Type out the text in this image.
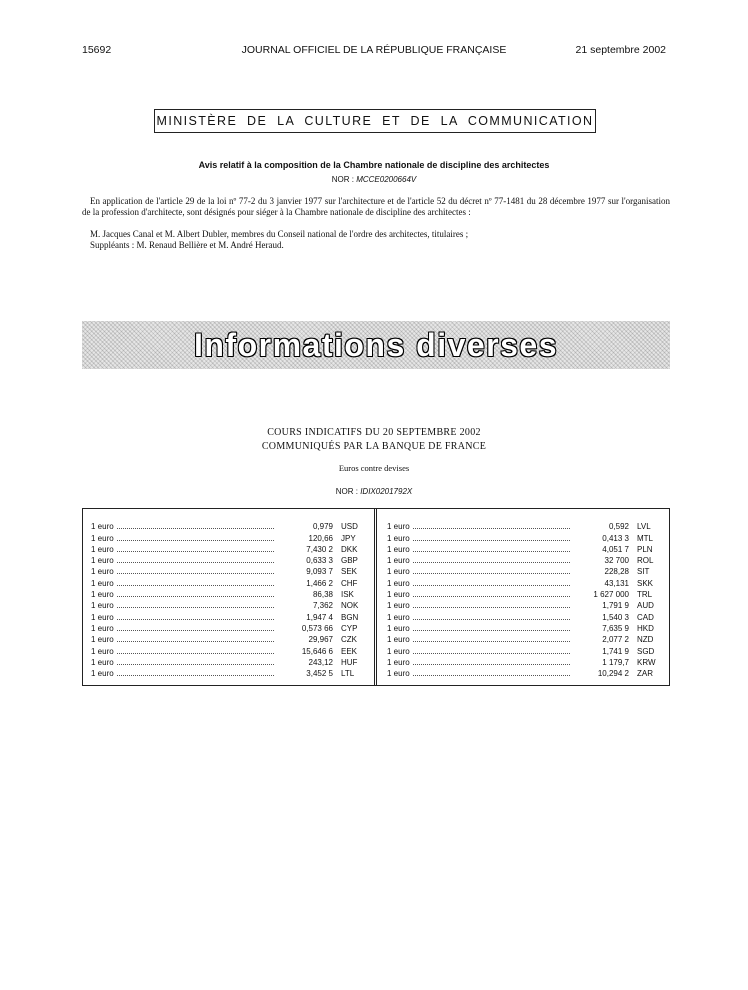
15692	JOURNAL OFFICIEL DE LA RÉPUBLIQUE FRANÇAISE	21 septembre 2002
MINISTÈRE DE LA CULTURE ET DE LA COMMUNICATION
Avis relatif à la composition de la Chambre nationale de discipline des architectes
NOR : MCCE0200664V
En application de l'article 29 de la loi nº 77-2 du 3 janvier 1977 sur l'architecture et de l'article 52 du décret nº 77-1481 du 28 décembre 1977 sur l'organisation de la profession d'architecte, sont désignés pour siéger à la Chambre nationale de discipline des architectes :
M. Jacques Canal et M. Albert Dubler, membres du Conseil national de l'ordre des architectes, titulaires ;
Suppléants : M. Renaud Bellière et M. André Heraud.
Informations diverses
COURS INDICATIFS DU 20 SEPTEMBRE 2002
COMMUNIQUÉS PAR LA BANQUE DE FRANCE
Euros contre devises
NOR : IDIX0201792X
1 euro	0,979 USD
1 euro	120,66 JPY
1 euro	7,430 2 DKK
1 euro	0,633 3 GBP
1 euro	9,093 7 SEK
1 euro	1,466 2 CHF
1 euro	86,38 ISK
1 euro	7,362 NOK
1 euro	1,947 4 BGN
1 euro	0,573 66 CYP
1 euro	29,967 CZK
1 euro	15,646 6 EEK
1 euro	243,12 HUF
1 euro	3,452 5 LTL
1 euro	0,592 LVL
1 euro	0,413 3 MTL
1 euro	4,051 7 PLN
1 euro	32 700 ROL
1 euro	228,28 SIT
1 euro	43,131 SKK
1 euro	1 627 000 TRL
1 euro	1,791 9 AUD
1 euro	1,540 3 CAD
1 euro	7,635 9 HKD
1 euro	2,077 2 NZD
1 euro	1,741 9 SGD
1 euro	1 179,7 KRW
1 euro	10,294 2 ZAR
